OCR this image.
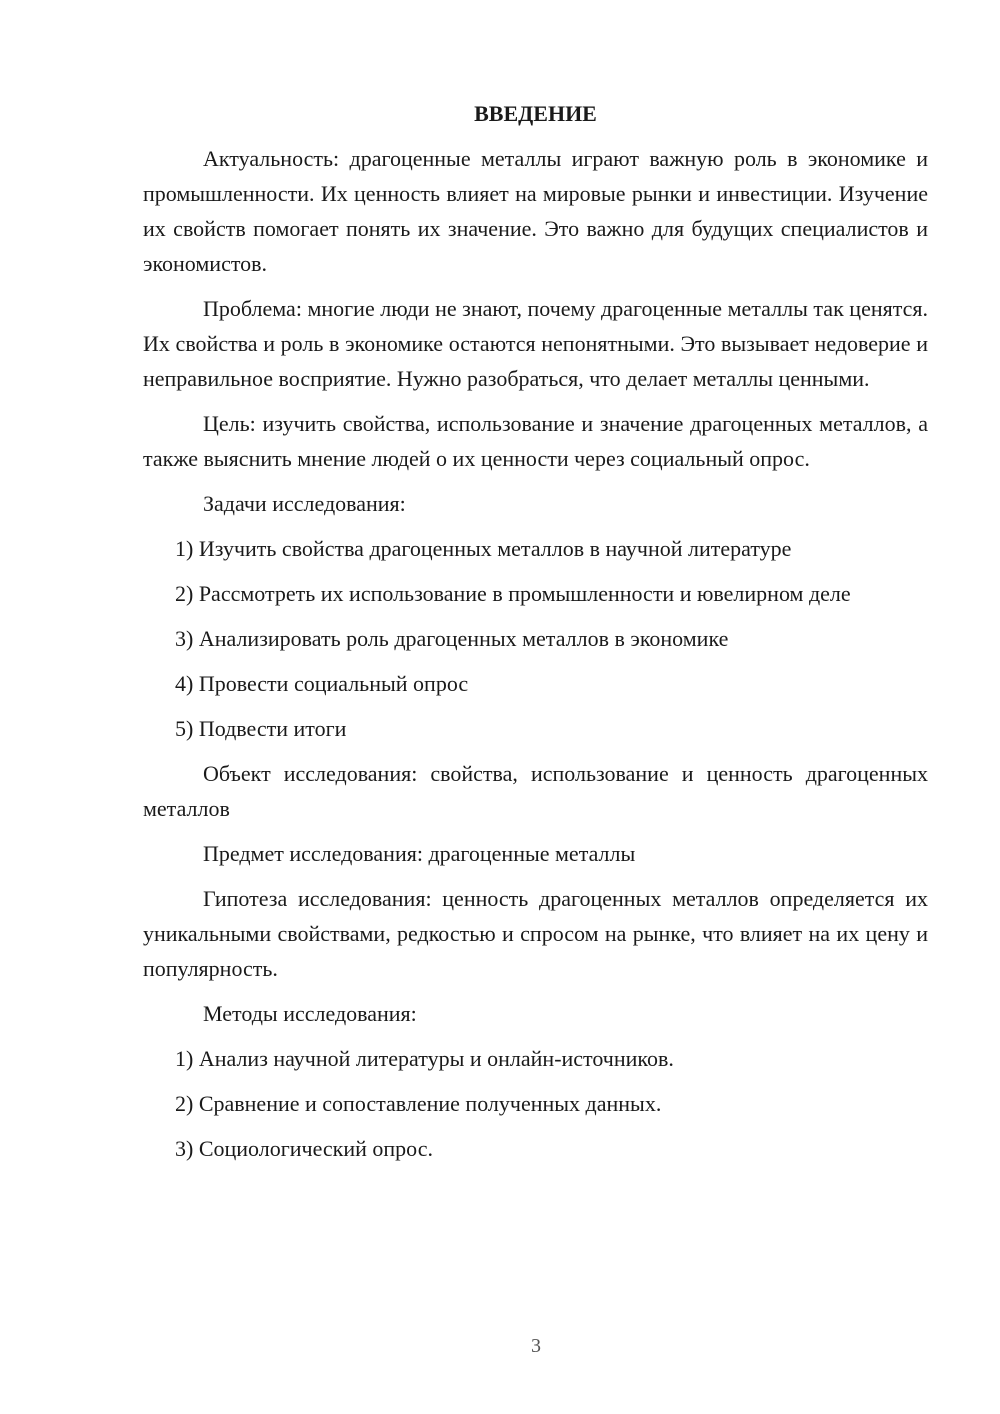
ВВЕДЕНИЕ

Актуальность: драгоценные металлы играют важную роль в экономике и промышленности. Их ценность влияет на мировые рынки и инвестиции. Изучение их свойств помогает понять их значение. Это важно для будущих специалистов и экономистов.

Проблема: многие люди не знают, почему драгоценные металлы так ценятся. Их свойства и роль в экономике остаются непонятными. Это вызывает недоверие и неправильное восприятие. Нужно разобраться, что делает металлы ценными.

Цель: изучить свойства, использование и значение драгоценных металлов, а также выяснить мнение людей о их ценности через социальный опрос.

Задачи исследования:

1) Изучить свойства драгоценных металлов в научной литературе

2) Рассмотреть их использование в промышленности и ювелирном деле

3) Анализировать роль драгоценных металлов в экономике

4) Провести социальный опрос

5) Подвести итоги

Объект исследования: свойства, использование и ценность драгоценных металлов

Предмет исследования: драгоценные металлы

Гипотеза исследования: ценность драгоценных металлов определяется их уникальными свойствами, редкостью и спросом на рынке, что влияет на их цену и популярность.

Методы исследования:

1) Анализ научной литературы и онлайн-источников.

2) Сравнение и сопоставление полученных данных.

3) Социологический опрос.

3
